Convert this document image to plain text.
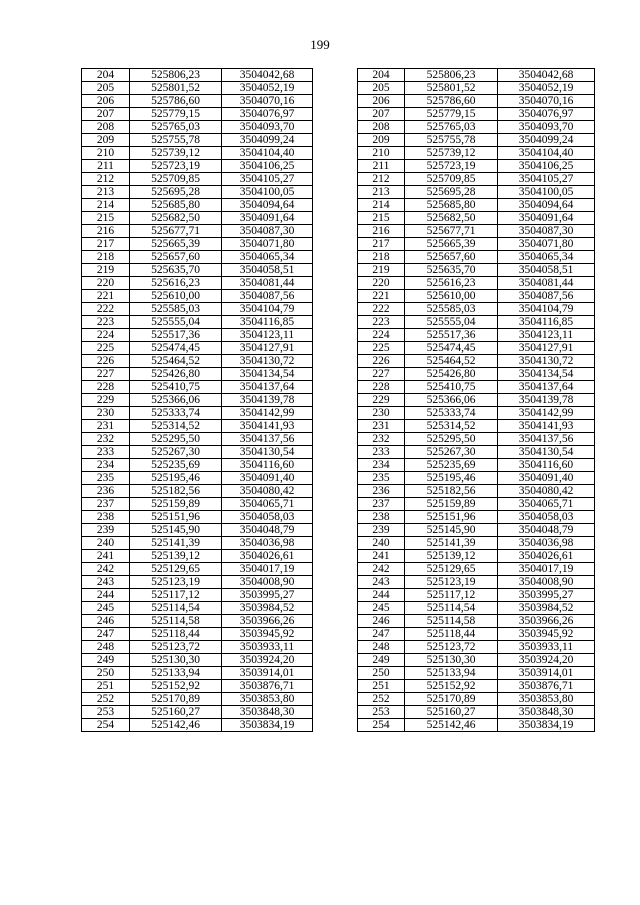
199
204	525806,23	3504042,68		204	525806,23	3504042,68
205	525801,52	3504052,19		205	525801,52	3504052,19
206	525786,60	3504070,16		206	525786,60	3504070,16
207	525779,15	3504076,97		207	525779,15	3504076,97
208	525765,03	3504093,70		208	525765,03	3504093,70
209	525755,78	3504099,24		209	525755,78	3504099,24
210	525739,12	3504104,40		210	525739,12	3504104,40
211	525723,19	3504106,25		211	525723,19	3504106,25
212	525709,85	3504105,27		212	525709,85	3504105,27
213	525695,28	3504100,05		213	525695,28	3504100,05
214	525685,80	3504094,64		214	525685,80	3504094,64
215	525682,50	3504091,64		215	525682,50	3504091,64
216	525677,71	3504087,30		216	525677,71	3504087,30
217	525665,39	3504071,80		217	525665,39	3504071,80
218	525657,60	3504065,34		218	525657,60	3504065,34
219	525635,70	3504058,51		219	525635,70	3504058,51
220	525616,23	3504081,44		220	525616,23	3504081,44
221	525610,00	3504087,56		221	525610,00	3504087,56
222	525585,03	3504104,79		222	525585,03	3504104,79
223	525555,04	3504116,85		223	525555,04	3504116,85
224	525517,36	3504123,11		224	525517,36	3504123,11
225	525474,45	3504127,91		225	525474,45	3504127,91
226	525464,52	3504130,72		226	525464,52	3504130,72
227	525426,80	3504134,54		227	525426,80	3504134,54
228	525410,75	3504137,64		228	525410,75	3504137,64
229	525366,06	3504139,78		229	525366,06	3504139,78
230	525333,74	3504142,99		230	525333,74	3504142,99
231	525314,52	3504141,93		231	525314,52	3504141,93
232	525295,50	3504137,56		232	525295,50	3504137,56
233	525267,30	3504130,54		233	525267,30	3504130,54
234	525235,69	3504116,60		234	525235,69	3504116,60
235	525195,46	3504091,40		235	525195,46	3504091,40
236	525182,56	3504080,42		236	525182,56	3504080,42
237	525159,89	3504065,71		237	525159,89	3504065,71
238	525151,96	3504058,03		238	525151,96	3504058,03
239	525145,90	3504048,79		239	525145,90	3504048,79
240	525141,39	3504036,98		240	525141,39	3504036,98
241	525139,12	3504026,61		241	525139,12	3504026,61
242	525129,65	3504017,19		242	525129,65	3504017,19
243	525123,19	3504008,90		243	525123,19	3504008,90
244	525117,12	3503995,27		244	525117,12	3503995,27
245	525114,54	3503984,52		245	525114,54	3503984,52
246	525114,58	3503966,26		246	525114,58	3503966,26
247	525118,44	3503945,92		247	525118,44	3503945,92
248	525123,72	3503933,11		248	525123,72	3503933,11
249	525130,30	3503924,20		249	525130,30	3503924,20
250	525133,94	3503914,01		250	525133,94	3503914,01
251	525152,92	3503876,71		251	525152,92	3503876,71
252	525170,89	3503853,80		252	525170,89	3503853,80
253	525160,27	3503848,30		253	525160,27	3503848,30
254	525142,46	3503834,19		254	525142,46	3503834,19
